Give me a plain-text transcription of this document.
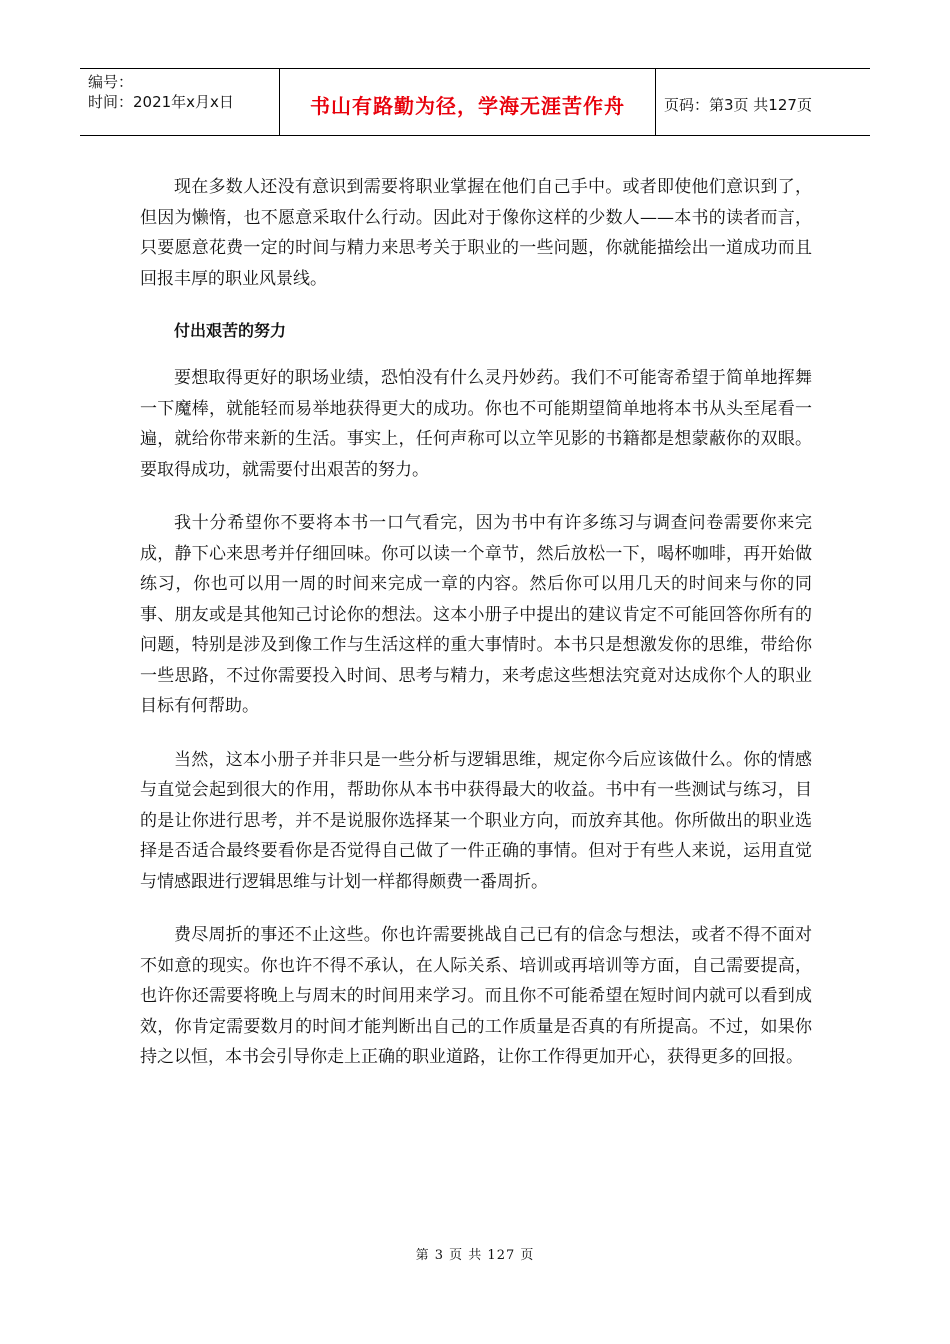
编号：
时间：2021年x月x日	书山有路勤为径，学海无涯苦作舟	页码：第3页 共127页

现在多数人还没有意识到需要将职业掌握在他们自己手中。或者即使他们意识到了，但因为懒惰，也不愿意采取什么行动。因此对于像你这样的少数人——本书的读者而言，只要愿意花费一定的时间与精力来思考关于职业的一些问题，你就能描绘出一道成功而且回报丰厚的职业风景线。

付出艰苦的努力

要想取得更好的职场业绩，恐怕没有什么灵丹妙药。我们不可能寄希望于简单地挥舞一下魔棒，就能轻而易举地获得更大的成功。你也不可能期望简单地将本书从头至尾看一遍，就给你带来新的生活。事实上，任何声称可以立竿见影的书籍都是想蒙蔽你的双眼。要取得成功，就需要付出艰苦的努力。

我十分希望你不要将本书一口气看完，因为书中有许多练习与调查问卷需要你来完成，静下心来思考并仔细回味。你可以读一个章节，然后放松一下，喝杯咖啡，再开始做练习，你也可以用一周的时间来完成一章的内容。然后你可以用几天的时间来与你的同事、朋友或是其他知己讨论你的想法。这本小册子中提出的建议肯定不可能回答你所有的问题，特别是涉及到像工作与生活这样的重大事情时。本书只是想激发你的思维，带给你一些思路，不过你需要投入时间、思考与精力，来考虑这些想法究竟对达成你个人的职业目标有何帮助。

当然，这本小册子并非只是一些分析与逻辑思维，规定你今后应该做什么。你的情感与直觉会起到很大的作用，帮助你从本书中获得最大的收益。书中有一些测试与练习，目的是让你进行思考，并不是说服你选择某一个职业方向，而放弃其他。你所做出的职业选择是否适合最终要看你是否觉得自己做了一件正确的事情。但对于有些人来说，运用直觉与情感跟进行逻辑思维与计划一样都得颇费一番周折。

费尽周折的事还不止这些。你也许需要挑战自己已有的信念与想法，或者不得不面对不如意的现实。你也许不得不承认，在人际关系、培训或再培训等方面，自己需要提高，也许你还需要将晚上与周末的时间用来学习。而且你不可能希望在短时间内就可以看到成效，你肯定需要数月的时间才能判断出自己的工作质量是否真的有所提高。不过，如果你持之以恒，本书会引导你走上正确的职业道路，让你工作得更加开心，获得更多的回报。

第 3 页 共 127 页
